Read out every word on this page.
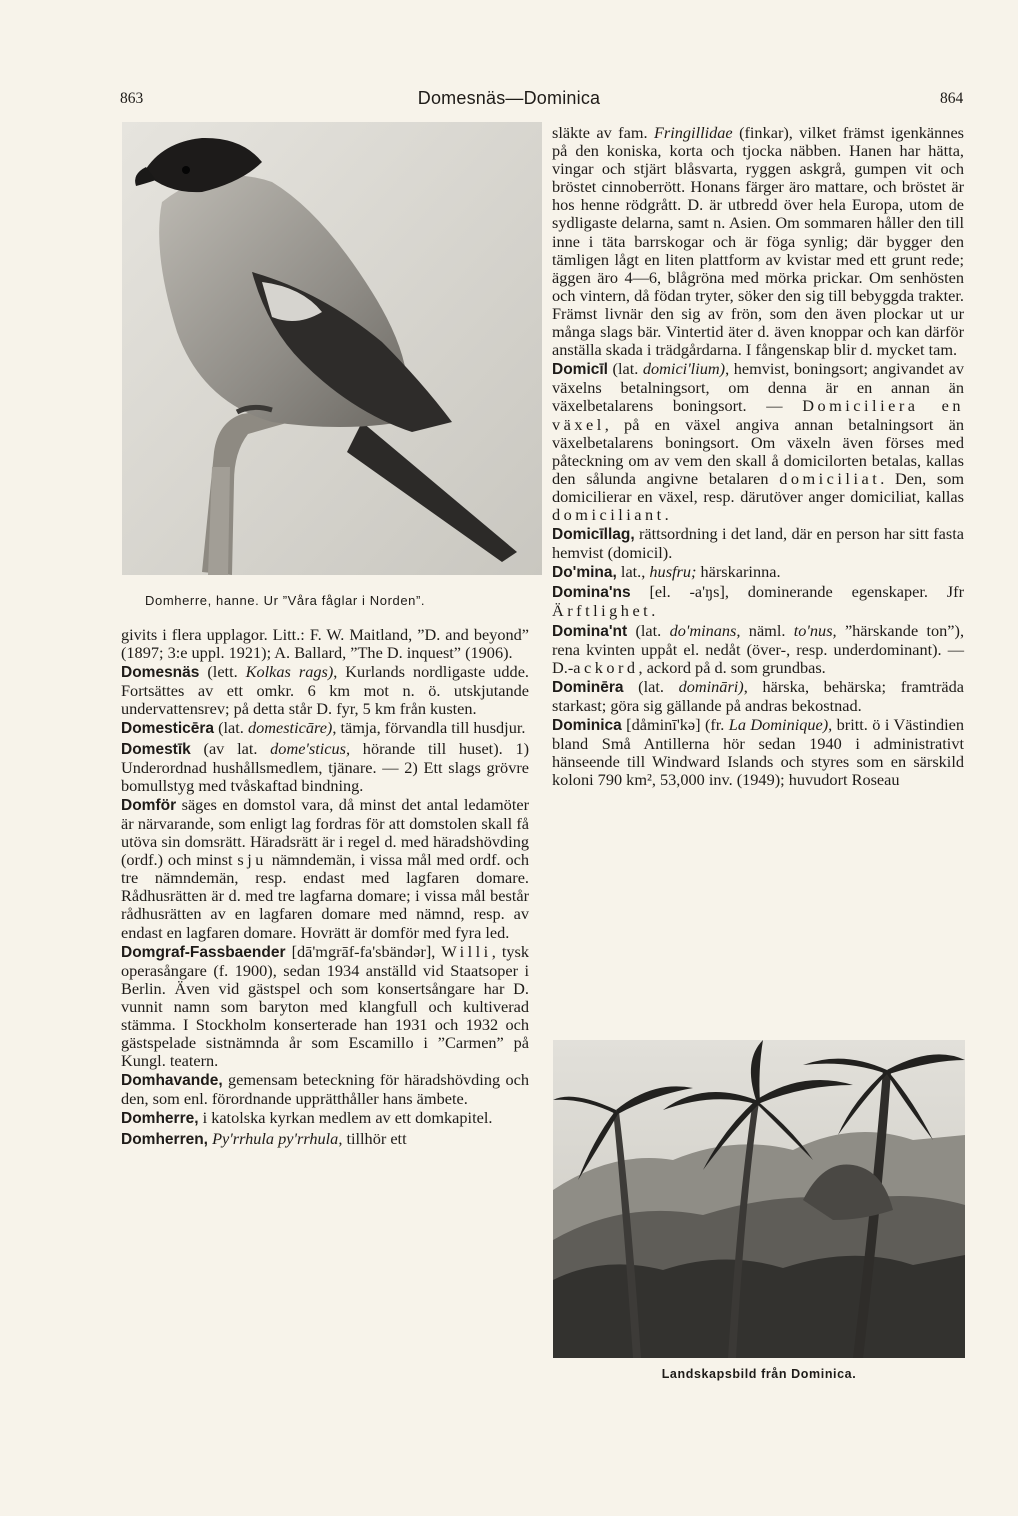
863	Domesnäs—Dominica	864
Domherre, hanne. Ur ”Våra fåglar i Norden”.

givits i flera upplagor. Litt.: F. W. Maitland, ”D. and beyond” (1897; 3:e uppl. 1921); A. Ballard, ”The D. inquest” (1906).

Domesnäs (lett. Kolkas rags), Kurlands nordligaste udde. Fortsättes av ett omkr. 6 km mot n. ö. utskjutande undervattensrev; på detta står D. fyr, 5 km från kusten.

Domesticēra (lat. domesticāre), tämja, förvandla till husdjur.

Domestīk (av lat. dome'sticus, hörande till huset). 1) Underordnad hushållsmedlem, tjänare. — 2) Ett slags grövre bomullstyg med tvåskaftad bindning.

Domför säges en domstol vara, då minst det antal ledamöter är närvarande, som enligt lag fordras för att domstolen skall få utöva sin domsrätt. Häradsrätt är i regel d. med häradshövding (ordf.) och minst sju nämndemän, i vissa mål med ordf. och tre nämndemän, resp. endast med lagfaren domare. Rådhusrätten är d. med tre lagfarna domare; i vissa mål består rådhusrätten av en lagfaren domare med nämnd, resp. av endast en lagfaren domare. Hovrätt är domför med fyra led.

Domgraf-Fassbaender [dā'mgrāf-fa'sbändər], Willi, tysk operasångare (f. 1900), sedan 1934 anställd vid Staatsoper i Berlin. Även vid gästspel och som konsertsångare har D. vunnit namn som baryton med klangfull och kultiverad stämma. I Stockholm konserterade han 1931 och 1932 och gästspelade sistnämnda år som Escamillo i ”Carmen” på Kungl. teatern.

Domhavande, gemensam beteckning för häradshövding och den, som enl. förordnande upprätthåller hans ämbete.

Domherre, i katolska kyrkan medlem av ett domkapitel.

Domherren, Py'rrhula py'rrhula, tillhör ett

släkte av fam. Fringillidae (finkar), vilket främst igenkännes på den koniska, korta och tjocka näbben. Hanen har hätta, vingar och stjärt blåsvarta, ryggen askgrå, gumpen vit och bröstet cinnoberrött. Honans färger äro mattare, och bröstet är hos henne rödgrått. D. är utbredd över hela Europa, utom de sydligaste delarna, samt n. Asien. Om sommaren håller den till inne i täta barrskogar och är föga synlig; där bygger den tämligen lågt en liten plattform av kvistar med ett grunt rede; äggen äro 4—6, blågröna med mörka prickar. Om senhösten och vintern, då födan tryter, söker den sig till bebyggda trakter. Främst livnär den sig av frön, som den även plockar ut ur många slags bär. Vintertid äter d. även knoppar och kan därför anställa skada i trädgårdarna. I fångenskap blir d. mycket tam.

Domicīl (lat. domici'lium), hemvist, boningsort; angivandet av växelns betalningsort, om denna är en annan än växelbetalarens boningsort. — Domiciliera en växel, på en växel angiva annan betalningsort än växelbetalarens boningsort. Om växeln även förses med påteckning om av vem den skall å domicilorten betalas, kallas den sålunda angivne betalaren domiciliat. Den, som domicilierar en växel, resp. därutöver anger domiciliat, kallas domiciliant.

Domicīllag, rättsordning i det land, där en person har sitt fasta hemvist (domicil).

Do'mina, lat., husfru; härskarinna.

Domina'ns [el. -a'ŋs], dominerande egenskaper. Jfr Ärftlighet.

Domina'nt (lat. do'minans, näml. to'nus, ”härskande ton”), rena kvinten uppåt el. nedåt (över-, resp. underdominant). — D.-ackord, ackord på d. som grundbas.

Dominēra (lat. domināri), härska, behärska; framträda starkast; göra sig gällande på andras bekostnad.

Dominica [dåminī'kə] (fr. La Dominique), britt. ö i Västindien bland Små Antillerna hör sedan 1940 i administrativt hänseende till Windward Islands och styres som en särskild koloni 790 km², 53,000 inv. (1949); huvudort Roseau

Landskapsbild från Dominica.
